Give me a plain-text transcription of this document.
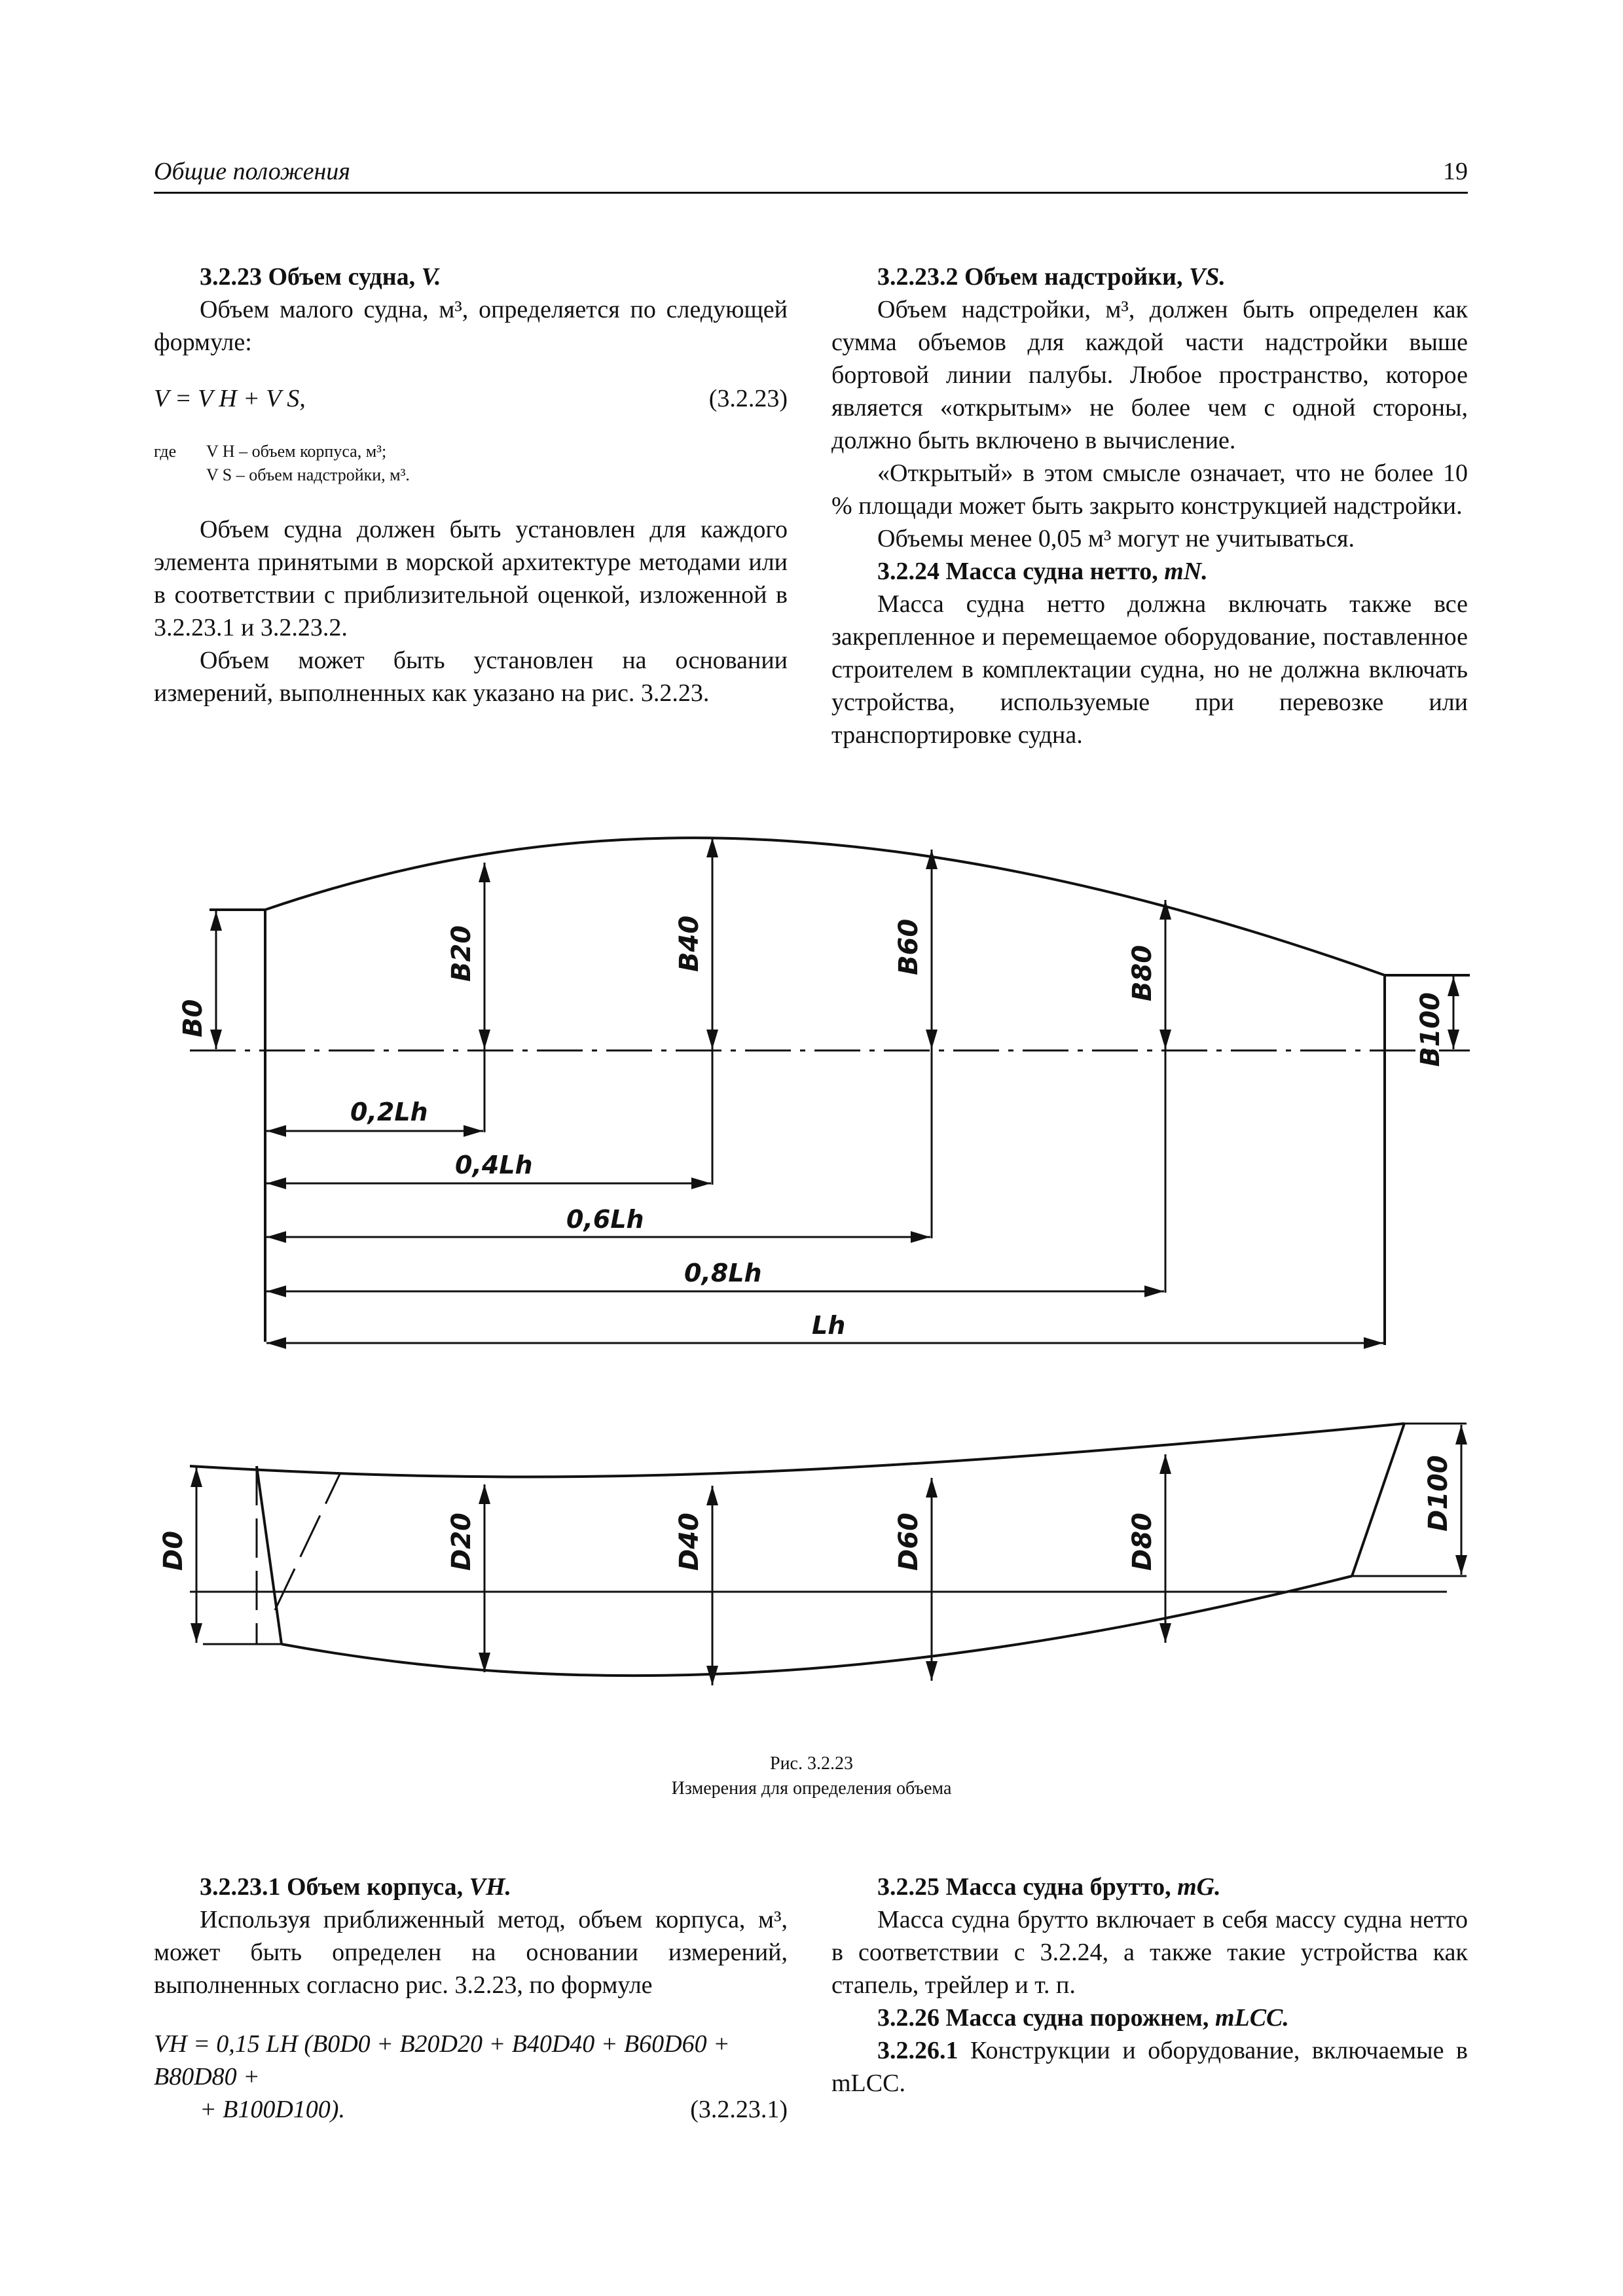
Общие положения	19
3.2.23 Объем судна, V.

Объем малого судна, м³, определяется по следующей формуле:

V = V H + V S,	(3.2.23)
где V H – объем корпуса, м³;
V S – объем надстройки, м³.

Объем судна должен быть установлен для каждого элемента принятыми в морской архитектуре методами или в соответствии с приблизительной оценкой, изложенной в 3.2.23.1 и 3.2.23.2.

Объем может быть установлен на основании измерений, выполненных как указано на рис. 3.2.23.

3.2.23.2 Объем надстройки, VS.

Объем надстройки, м³, должен быть определен как сумма объемов для каждой части надстройки выше бортовой линии палубы. Любое пространство, которое является «открытым» не более чем с одной стороны, должно быть включено в вычисление.

«Открытый» в этом смысле означает, что не более 10 % площади может быть закрыто конструкцией надстройки.

Объемы менее 0,05 м³ могут не учитываться.

3.2.24 Масса судна нетто, mN.

Масса судна нетто должна включать также все закрепленное и перемещаемое оборудование, поставленное строителем в комплектации судна, но не должна включать устройства, используемые при перевозке или транспортировке судна.

B0
B20	B40	B60	B80
B100
0,2Lh
0,4Lh
0,6Lh
0,8Lh
Lh
D0	D20	D40	D60	D80
D100
Рис. 3.2.23
Измерения для определения объема
3.2.23.1 Объем корпуса, VH.

Используя приближенный метод, объем корпуса, м³, может быть определен на основании измерений, выполненных согласно рис. 3.2.23, по формуле

VH = 0,15 LH (B0D0 + B20D20 + B40D40 + B60D60 + B80D80 +
+ B100D100).	(3.2.23.1)
3.2.25 Масса судна брутто, mG.

Масса судна брутто включает в себя массу судна нетто в соответствии с 3.2.24, а также такие устройства как стапель, трейлер и т. п.

3.2.26 Масса судна порожнем, mLCC.

3.2.26.1 Конструкции и оборудование, включаемые в mLCC.
